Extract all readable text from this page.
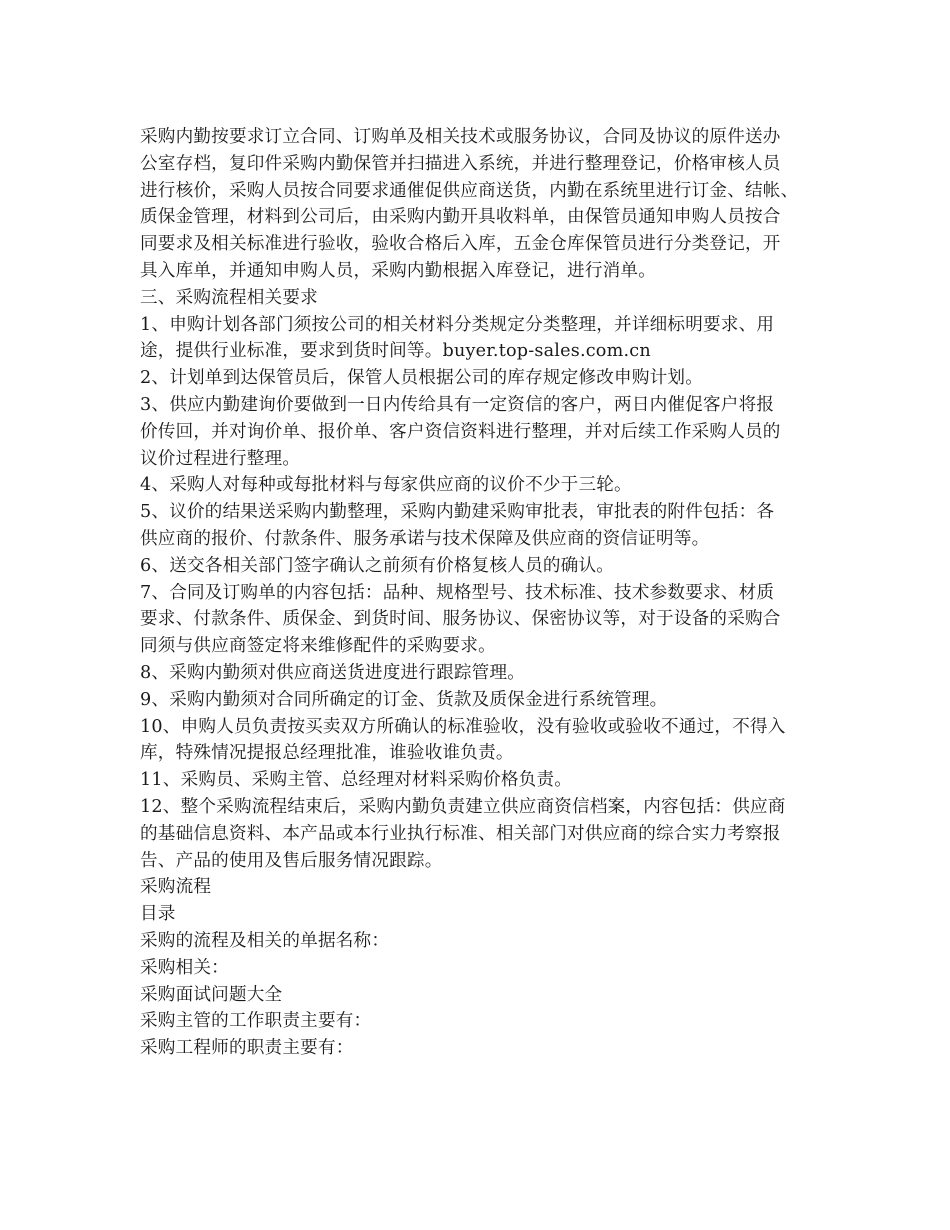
采购内勤按要求订立合同、订购单及相关技术或服务协议，合同及协议的原件送办
公室存档，复印件采购内勤保管并扫描进入系统，并进行整理登记，价格审核人员
进行核价，采购人员按合同要求通催促供应商送货，内勤在系统里进行订金、结帐、
质保金管理，材料到公司后，由采购内勤开具收料单，由保管员通知申购人员按合
同要求及相关标准进行验收，验收合格后入库，五金仓库保管员进行分类登记，开
具入库单，并通知申购人员，采购内勤根据入库登记，进行消单。
三、采购流程相关要求
1、申购计划各部门须按公司的相关材料分类规定分类整理，并详细标明要求、用
途，提供行业标准，要求到货时间等。buyer.top-sales.com.cn
2、计划单到达保管员后，保管人员根据公司的库存规定修改申购计划。
3、供应内勤建询价要做到一日内传给具有一定资信的客户，两日内催促客户将报
价传回，并对询价单、报价单、客户资信资料进行整理，并对后续工作采购人员的
议价过程进行整理。
4、采购人对每种或每批材料与每家供应商的议价不少于三轮。
5、议价的结果送采购内勤整理，采购内勤建采购审批表，审批表的附件包括：各
供应商的报价、付款条件、服务承诺与技术保障及供应商的资信证明等。
6、送交各相关部门签字确认之前须有价格复核人员的确认。
7、合同及订购单的内容包括：品种、规格型号、技术标准、技术参数要求、材质
要求、付款条件、质保金、到货时间、服务协议、保密协议等，对于设备的采购合
同须与供应商签定将来维修配件的采购要求。
8、采购内勤须对供应商送货进度进行跟踪管理。
9、采购内勤须对合同所确定的订金、货款及质保金进行系统管理。
10、申购人员负责按买卖双方所确认的标准验收，没有验收或验收不通过，不得入
库，特殊情况提报总经理批准，谁验收谁负责。
11、采购员、采购主管、总经理对材料采购价格负责。
12、整个采购流程结束后，采购内勤负责建立供应商资信档案，内容包括：供应商
的基础信息资料、本产品或本行业执行标准、相关部门对供应商的综合实力考察报
告、产品的使用及售后服务情况跟踪。
采购流程
目录
采购的流程及相关的单据名称：
采购相关：
采购面试问题大全
采购主管的工作职责主要有：
采购工程师的职责主要有：
